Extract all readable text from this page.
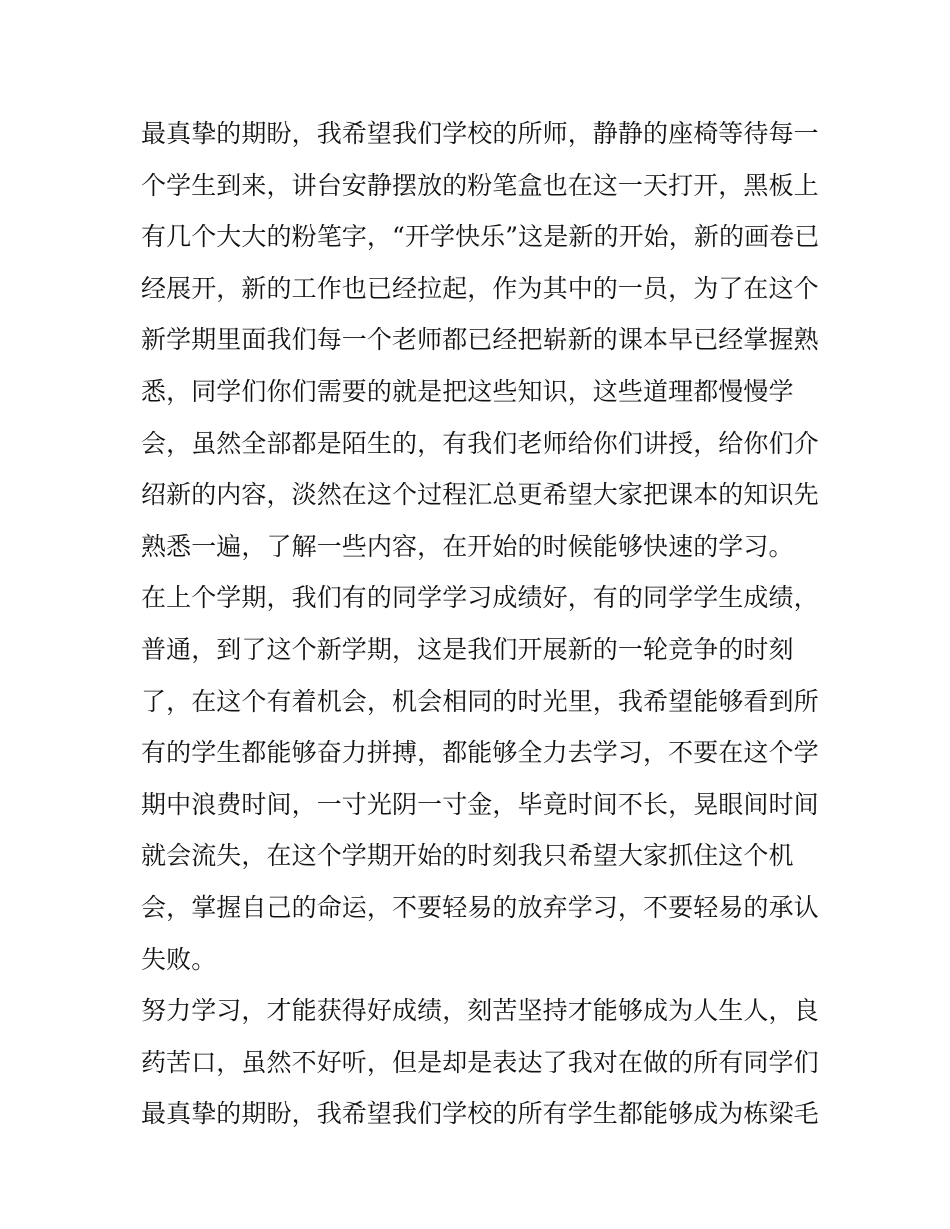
最真挚的期盼，我希望我们学校的所师，静静的座椅等待每一
个学生到来，讲台安静摆放的粉笔盒也在这一天打开，黑板上
有几个大大的粉笔字，“开学快乐”这是新的开始，新的画卷已
经展开，新的工作也已经拉起，作为其中的一员，为了在这个
新学期里面我们每一个老师都已经把崭新的课本早已经掌握熟
悉，同学们你们需要的就是把这些知识，这些道理都慢慢学
会，虽然全部都是陌生的，有我们老师给你们讲授，给你们介
绍新的内容，淡然在这个过程汇总更希望大家把课本的知识先
熟悉一遍，了解一些内容，在开始的时候能够快速的学习。
在上个学期，我们有的同学学习成绩好，有的同学学生成绩，
普通，到了这个新学期，这是我们开展新的一轮竞争的时刻
了，在这个有着机会，机会相同的时光里，我希望能够看到所
有的学生都能够奋力拼搏，都能够全力去学习，不要在这个学
期中浪费时间，一寸光阴一寸金，毕竟时间不长，晃眼间时间
就会流失，在这个学期开始的时刻我只希望大家抓住这个机
会，掌握自己的命运，不要轻易的放弃学习，不要轻易的承认
失败。
努力学习，才能获得好成绩，刻苦坚持才能够成为人生人，良
药苦口，虽然不好听，但是却是表达了我对在做的所有同学们
最真挚的期盼，我希望我们学校的所有学生都能够成为栋梁毛
